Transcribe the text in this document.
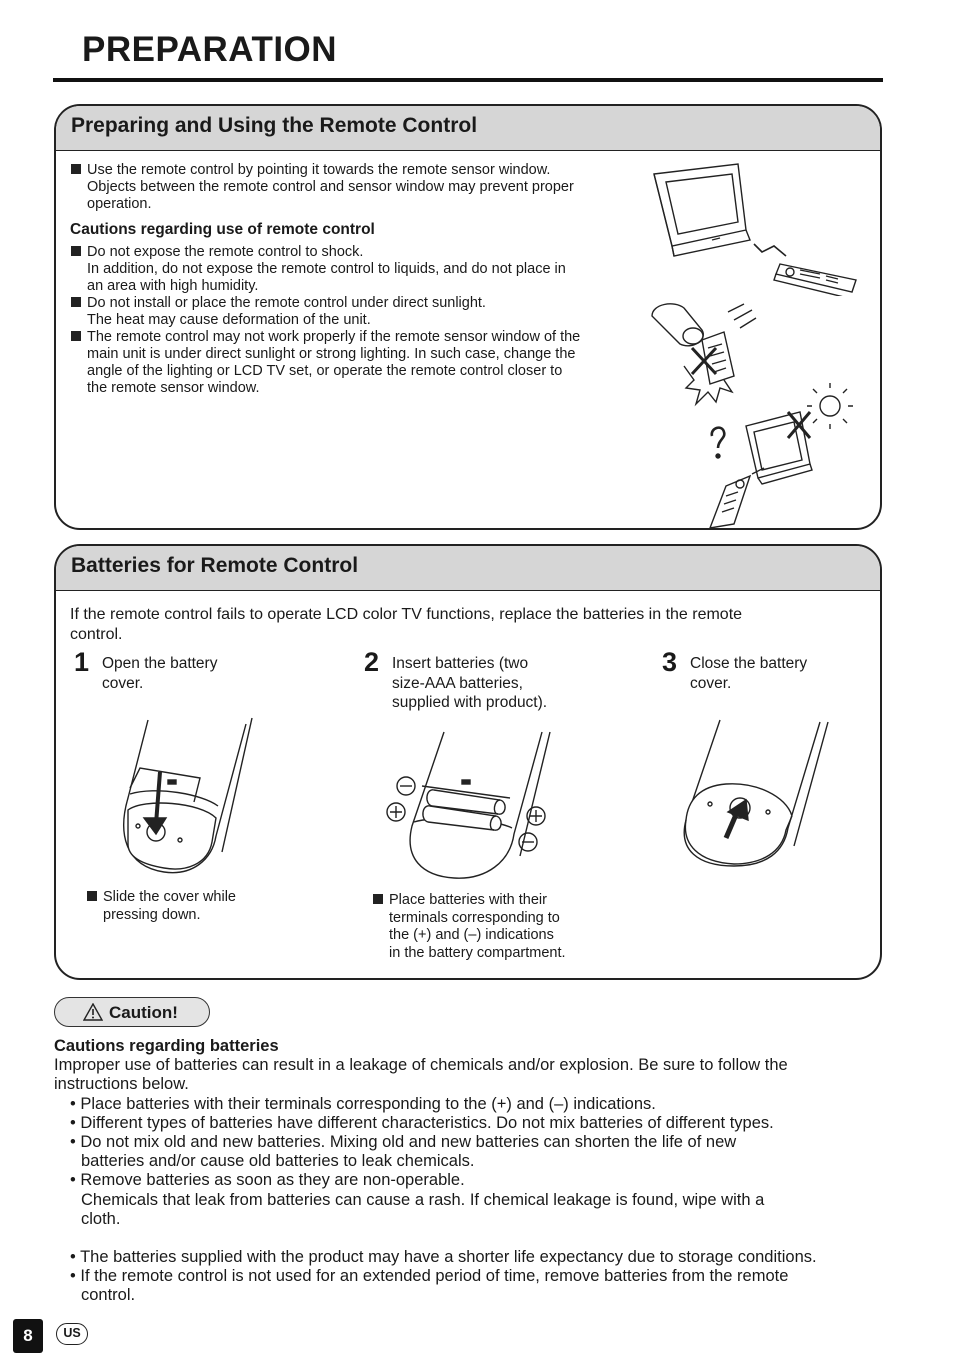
PREPARATION
Preparing and Using the Remote Control

Use the remote control by pointing it towards the remote sensor window.

Objects between the remote control and sensor window may prevent proper

operation.

Cautions regarding use of remote control

Do not expose the remote control to shock.

In addition, do not expose the remote control to liquids, and do not place in

an area with high humidity.

Do not install or place the remote control under direct sunlight.

The heat may cause deformation of the unit.

The remote control may not work properly if the remote sensor window of the

main unit is under direct sunlight or strong lighting. In such case, change the

angle of the lighting or LCD TV set, or operate the remote control closer to

the remote sensor window.

Batteries for Remote Control
If the remote control fails to operate LCD color TV functions, replace the batteries in the remote
control.
1 Open the battery
cover.
Slide the cover while
pressing down.
2 Insert batteries (two
size-AAA batteries,
supplied with product).
Place batteries with their
terminals corresponding to
the (+) and (–) indications
in the battery compartment.
3 Close the battery
cover.
Caution!

Cautions regarding batteries

Improper use of batteries can result in a leakage of chemicals and/or explosion. Be sure to follow the

instructions below.

• Place batteries with their terminals corresponding to the (+) and (–) indications.

• Different types of batteries have different characteristics. Do not mix batteries of different types.

• Do not mix old and new batteries. Mixing old and new batteries can shorten the life of new

batteries and/or cause old batteries to leak chemicals.

• Remove batteries as soon as they are non-operable.

Chemicals that leak from batteries can cause a rash. If chemical leakage is found, wipe with a

cloth.

• The batteries supplied with the product may have a shorter life expectancy due to storage conditions.

• If the remote control is not used for an extended period of time, remove batteries from the remote

control.

8	US
